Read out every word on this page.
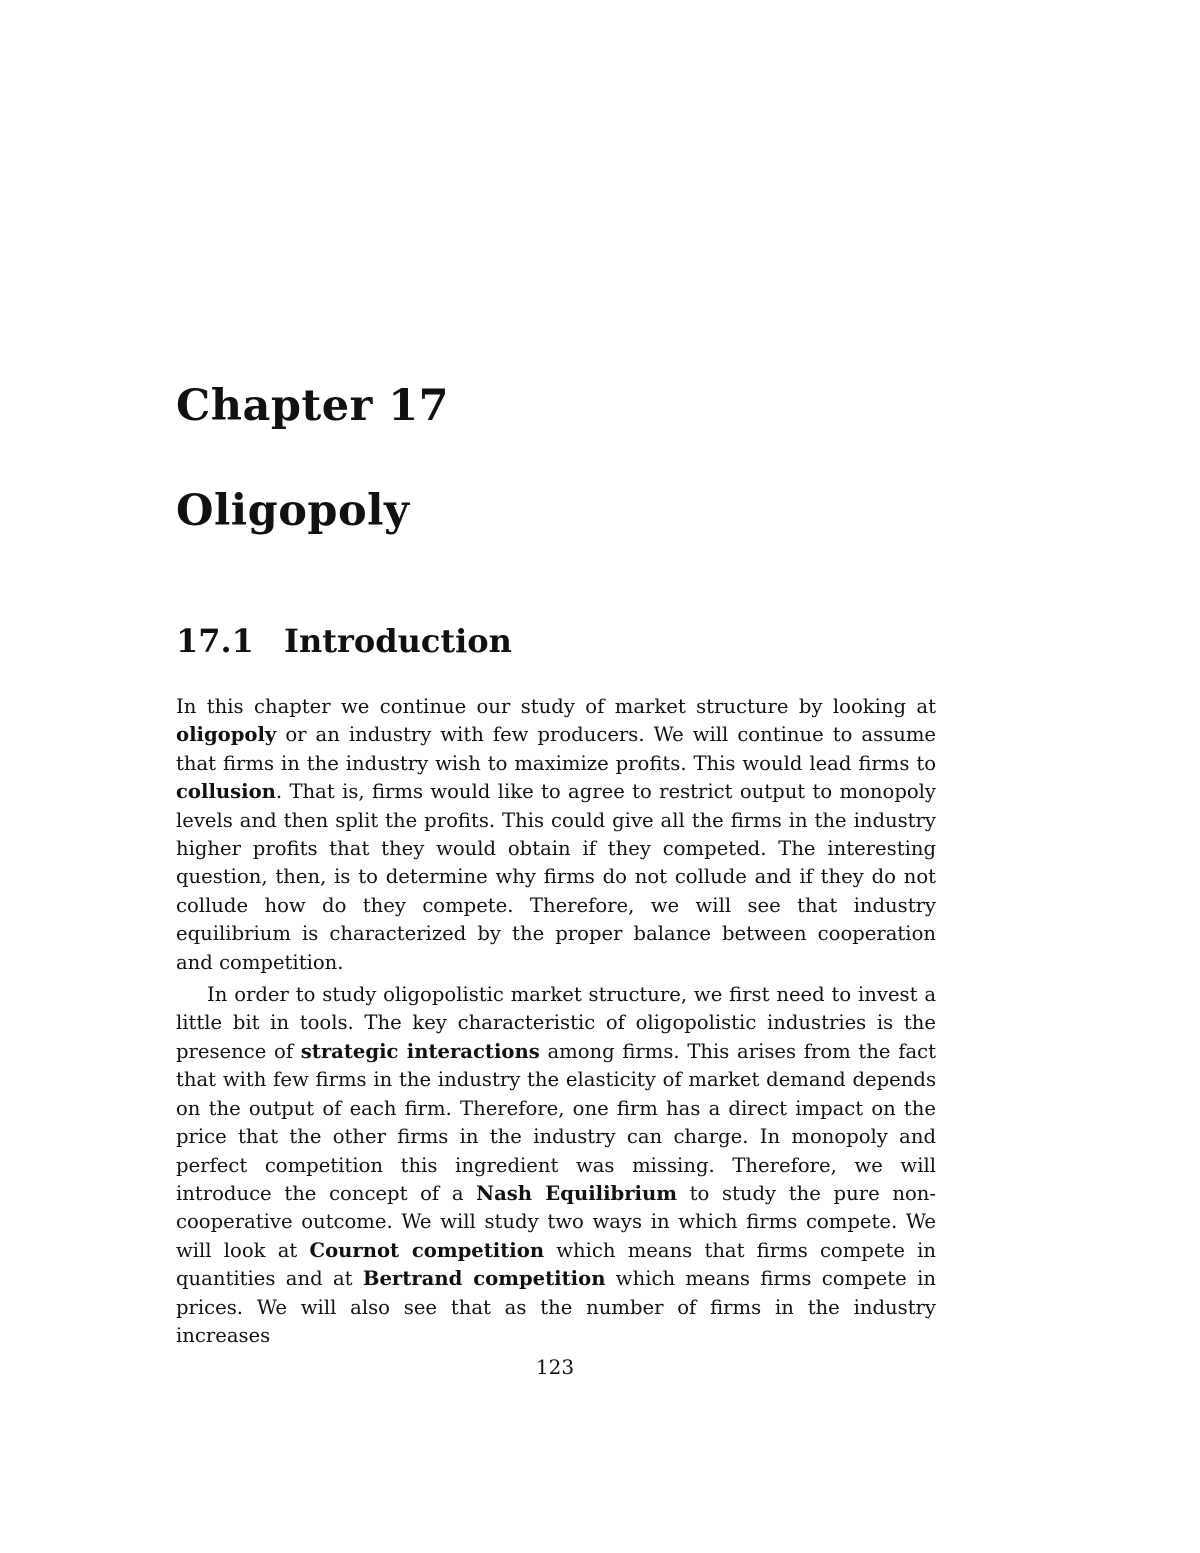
Chapter 17
Oligopoly
17.1 Introduction

In this chapter we continue our study of market structure by looking at oligopoly or an industry with few producers. We will continue to assume that firms in the industry wish to maximize profits. This would lead firms to collusion. That is, firms would like to agree to restrict output to monopoly levels and then split the profits. This could give all the firms in the industry higher profits that they would obtain if they competed. The interesting question, then, is to determine why firms do not collude and if they do not collude how do they compete. Therefore, we will see that industry equilibrium is characterized by the proper balance between cooperation and competition.

In order to study oligopolistic market structure, we first need to invest a little bit in tools. The key characteristic of oligopolistic industries is the presence of strategic interactions among firms. This arises from the fact that with few firms in the industry the elasticity of market demand depends on the output of each firm. Therefore, one firm has a direct impact on the price that the other firms in the industry can charge. In monopoly and perfect competition this ingredient was missing. Therefore, we will introduce the concept of a Nash Equilibrium to study the pure non-cooperative outcome. We will study two ways in which firms compete. We will look at Cournot competition which means that firms compete in quantities and at Bertrand competition which means firms compete in prices. We will also see that as the number of firms in the industry increases

123
